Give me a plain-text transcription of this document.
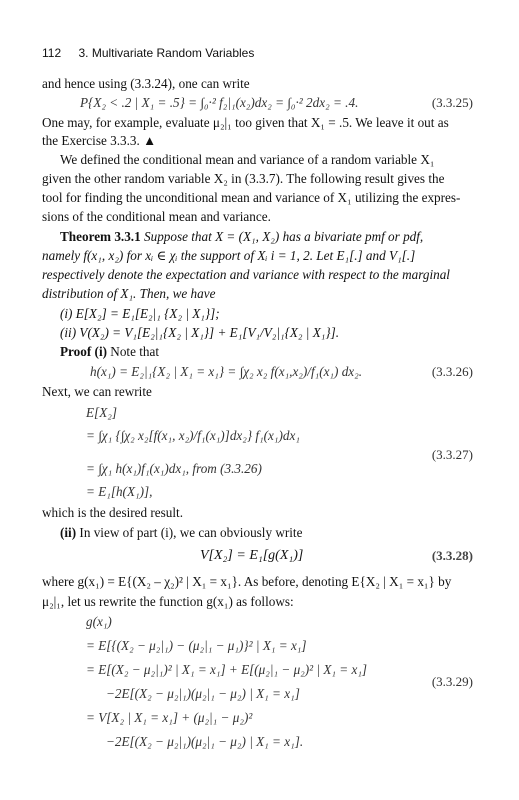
112 3. Multivariate Random Variables
and hence using (3.3.24), one can write
P{X₂ < .2 | X₁ = .5} = ∫₀·² f₂|₁(x₂)dx₂ = ∫₀·² 2dx₂ = .4.	(3.3.25)
One may, for example, evaluate μ₂|₁ too given that X₁ = .5. We leave it out as
the Exercise 3.3.3. ▲
We defined the conditional mean and variance of a random variable X₁
given the other random variable X₂ in (3.3.7). The following result gives the
tool for finding the unconditional mean and variance of X₁ utilizing the expres-
sions of the conditional mean and variance.
Theorem 3.3.1 Suppose that X = (X₁, X₂) has a bivariate pmf or pdf,
namely f(x₁, x₂) for xᵢ ∈ χᵢ the support of Xᵢ i = 1, 2. Let E₁[.] and V₁[.]
respectively denote the expectation and variance with respect to the marginal
distribution of X₁. Then, we have
(i) E[X₂] = E₁[E₂|₁ {X₂ | X₁}];
(ii) V(X₂) = V₁[E₂|₁{X₂ | X₁}] + E₁[V₁/V₂|₁{X₂ | X₁}].
Proof (i) Note that
h(x₁) = E₂|₁{X₂ | X₁ = x₁} = ∫χ₂ x₂ f(x₁,x₂)/f₁(x₁) dx₂.	(3.3.26)
Next, we can rewrite
E[X₂]
= ∫χ₁ {∫χ₂ x₂[f(x₁, x₂)/f₁(x₁)]dx₂} f₁(x₁)dx₁
(3.3.27)
= ∫χ₁ h(x₁)f₁(x₁)dx₁, from (3.3.26)
= E₁[h(X₁)],
which is the desired result.
(ii) In view of part (i), we can obviously write
V[X₂] = E₁[g(X₁)]	(3.3.28)
where g(x₁) = E{(X₂ – χ₂)² | X₁ = x₁}. As before, denoting E{X₂ | X₁ = x₁} by
μ₂|₁, let us rewrite the function g(x₁) as follows:
g(x₁)
= E[{(X₂ − μ₂|₁) − (μ₂|₁ − μ₁)}² | X₁ = x₁]
= E[(X₂ − μ₂|₁)² | X₁ = x₁] + E[(μ₂|₁ − μ₂)² | X₁ = x₁]
(3.3.29)
−2E[(X₂ − μ₂|₁)(μ₂|₁ − μ₂) | X₁ = x₁]
= V[X₂ | X₁ = x₁] + (μ₂|₁ − μ₂)²
−2E[(X₂ − μ₂|₁)(μ₂|₁ − μ₂) | X₁ = x₁].
